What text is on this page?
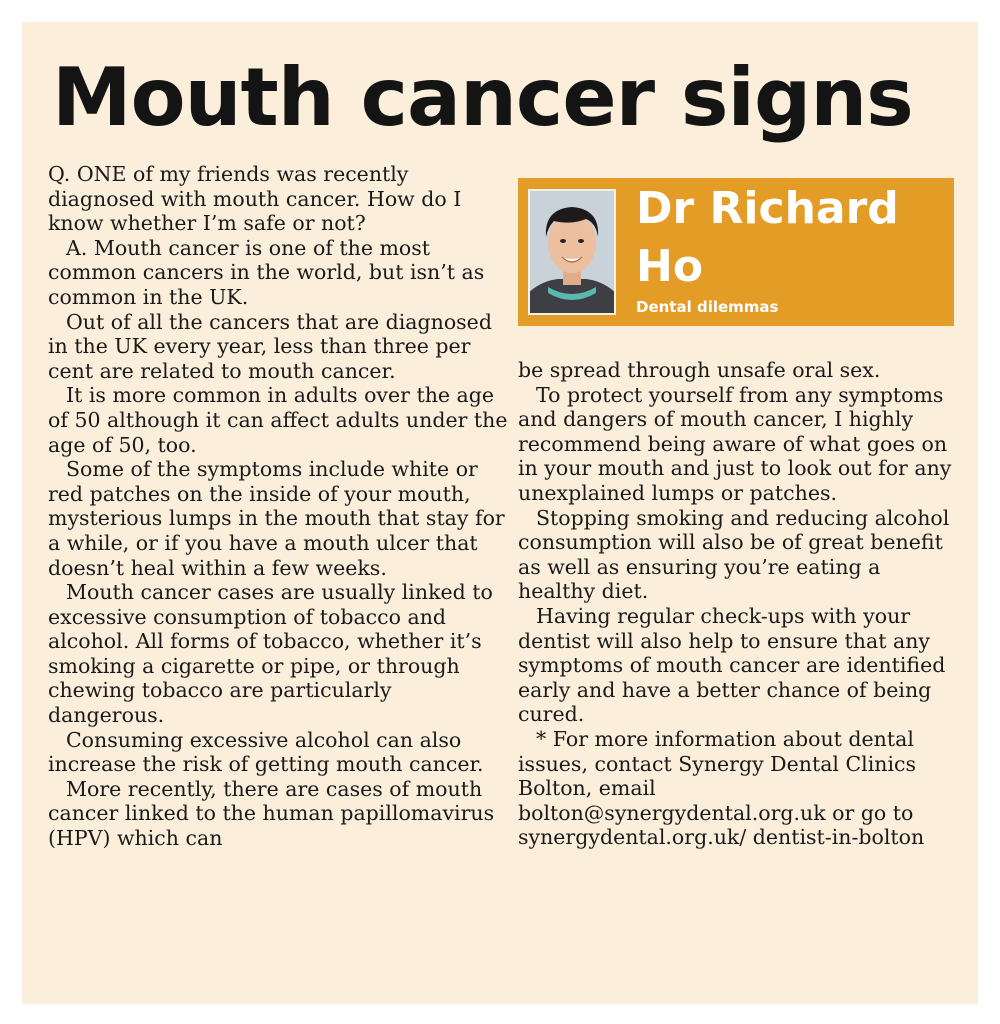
Mouth cancer signs

Q. ONE of my friends was recently diagnosed with mouth cancer. How do I know whether I’m safe or not?

A. Mouth cancer is one of the most common cancers in the world, but isn’t as common in the UK.

Out of all the cancers that are diagnosed in the UK every year, less than three per cent are related to mouth cancer.

It is more common in adults over the age of 50 although it can affect adults under the age of 50, too.

Some of the symptoms include white or red patches on the inside of your mouth, mysterious lumps in the mouth that stay for a while, or if you have a mouth ulcer that doesn’t heal within a few weeks.

Mouth cancer cases are usually linked to excessive consumption of tobacco and alcohol. All forms of tobacco, whether it’s smoking a cigarette or pipe, or through chewing tobacco are particularly dangerous.

Consuming excessive alcohol can also increase the risk of getting mouth cancer.

More recently, there are cases of mouth cancer linked to the human papillomavirus (HPV) which can

Dr Richard Ho
Dental dilemmas

be spread through unsafe oral sex.

To protect yourself from any symptoms and dangers of mouth cancer, I highly recommend being aware of what goes on in your mouth and just to look out for any unexplained lumps or patches.

Stopping smoking and reducing alcohol consumption will also be of great benefit as well as ensuring you’re eating a healthy diet.

Having regular check-ups with your dentist will also help to ensure that any symptoms of mouth cancer are identified early and have a better chance of being cured.

* For more information about dental issues, contact Synergy Dental Clinics Bolton, email bolton@synergydental.org.uk or go to synergydental.org.uk/ dentist-in-bolton
